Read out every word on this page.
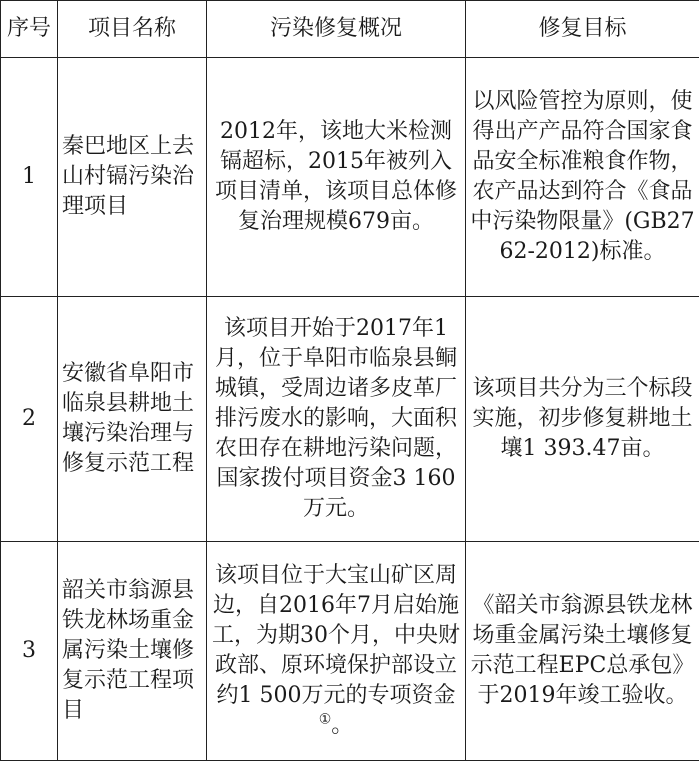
序号	项目名称	污染修复概况	修复目标
1	秦巴地区上去山村镉污染治理项目	2012年，该地大米检测镉超标，2015年被列入项目清单，该项目总体修复治理规模679亩。	以风险管控为原则，使得出产产品符合国家食品安全标准粮食作物，农产品达到符合《食品中污染物限量》(GB2762-2012)标准。
2	安徽省阜阳市临泉县耕地土壤污染治理与修复示范工程	该项目开始于2017年1月，位于阜阳市临泉县鲖城镇，受周边诸多皮革厂排污废水的影响，大面积农田存在耕地污染问题，国家拨付项目资金3 160万元。	该项目共分为三个标段实施，初步修复耕地土壤1 393.47亩。
3	韶关市翁源县铁龙林场重金属污染土壤修复示范工程项目	该项目位于大宝山矿区周边，自2016年7月启始施工，为期30个月，中央财政部、原环境保护部设立约1 500万元的专项资金①。	《韶关市翁源县铁龙林场重金属污染土壤修复示范工程EPC总承包》于2019年竣工验收。
